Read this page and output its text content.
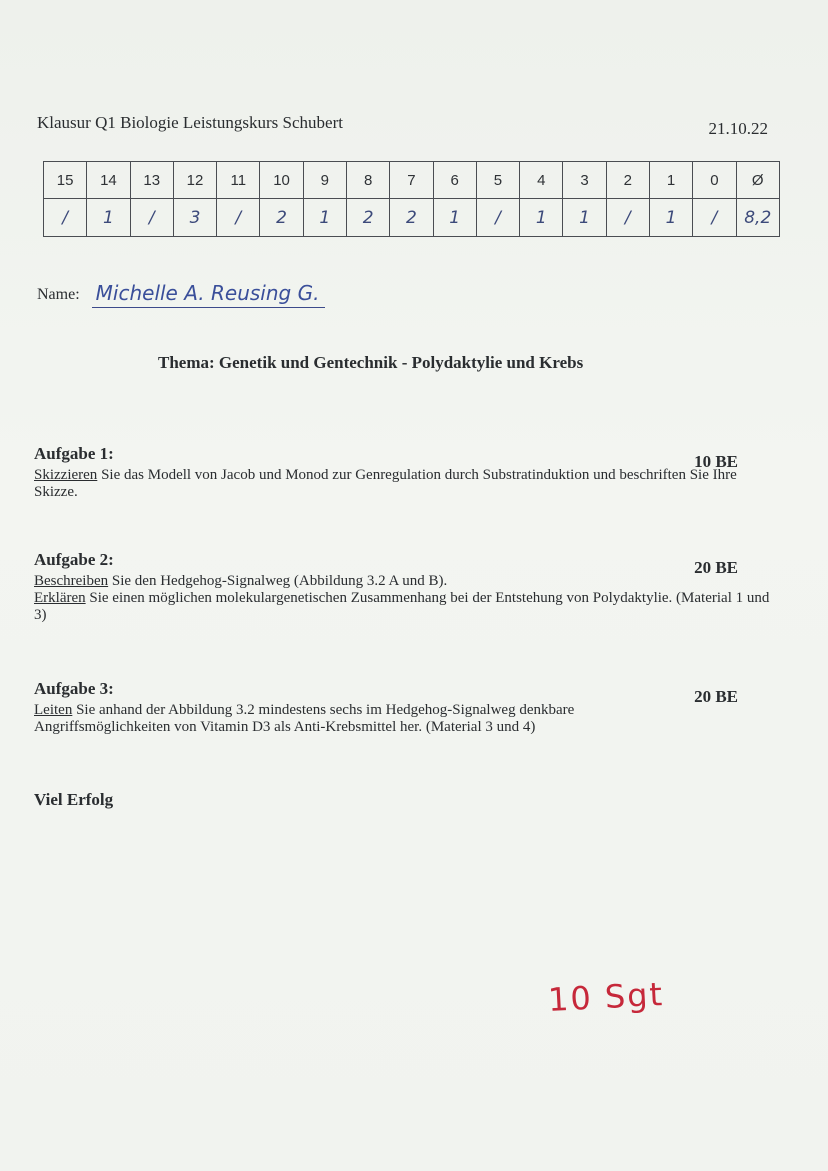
Klausur Q1 Biologie Leistungskurs Schubert	21.10.22
15	14	13	12	11	10	9	8	7	6	5	4	3	2	1	0	Ø
/	1	/	3	/	2	1	2	2	1	/	1	1	/	1	/	8,2
Name: Michelle A. Reusing G.
Thema: Genetik und Gentechnik - Polydaktylie und Krebs
Aufgabe 1:	10 BE

Skizzieren Sie das Modell von Jacob und Monod zur Genregulation durch Substratinduktion und beschriften Sie Ihre Skizze.

Aufgabe 2:	20 BE

Beschreiben Sie den Hedgehog-Signalweg (Abbildung 3.2 A und B).

Erklären Sie einen möglichen molekulargenetischen Zusammenhang bei der Entstehung von Polydaktylie. (Material 1 und 3)

Aufgabe 3:	20 BE

Leiten Sie anhand der Abbildung 3.2 mindestens sechs im Hedgehog-Signalweg denkbare Angriffsmöglichkeiten von Vitamin D3 als Anti-Krebsmittel her. (Material 3 und 4)

Viel Erfolg
10 Sgt
